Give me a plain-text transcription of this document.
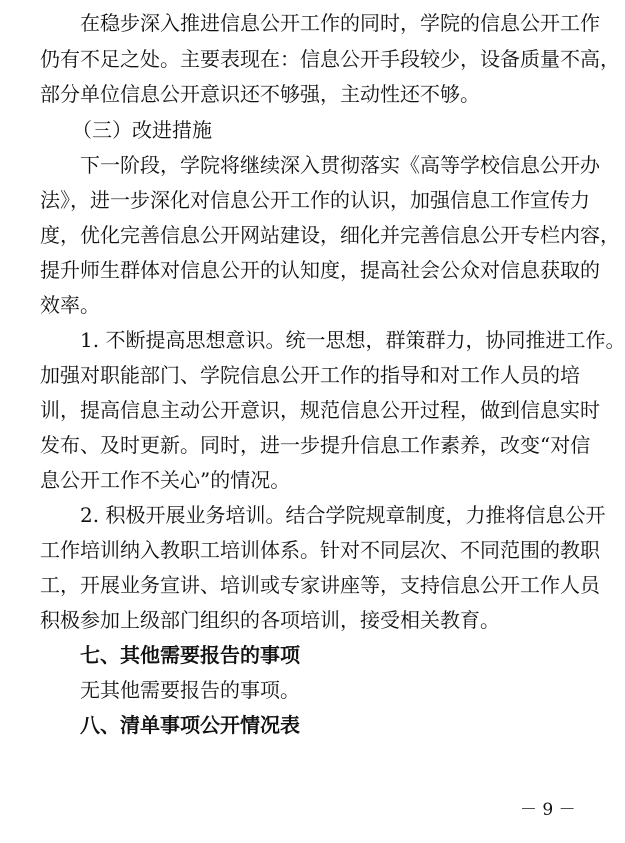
在稳步深入推进信息公开工作的同时，学院的信息公开工作
仍有不足之处。主要表现在：信息公开手段较少，设备质量不高，
部分单位信息公开意识还不够强，主动性还不够。
（三）改进措施
下一阶段，学院将继续深入贯彻落实《高等学校信息公开办
法》，进一步深化对信息公开工作的认识，加强信息工作宣传力
度，优化完善信息公开网站建设，细化并完善信息公开专栏内容，
提升师生群体对信息公开的认知度，提高社会公众对信息获取的
效率。
1. 不断提高思想意识。统一思想，群策群力，协同推进工作。
加强对职能部门、学院信息公开工作的指导和对工作人员的培
训，提高信息主动公开意识，规范信息公开过程，做到信息实时
发布、及时更新。同时，进一步提升信息工作素养，改变“对信
息公开工作不关心”的情况。
2. 积极开展业务培训。结合学院规章制度，力推将信息公开
工作培训纳入教职工培训体系。针对不同层次、不同范围的教职
工，开展业务宣讲、培训或专家讲座等，支持信息公开工作人员
积极参加上级部门组织的各项培训，接受相关教育。
七、其他需要报告的事项
无其他需要报告的事项。
八、清单事项公开情况表
－ 9 －
